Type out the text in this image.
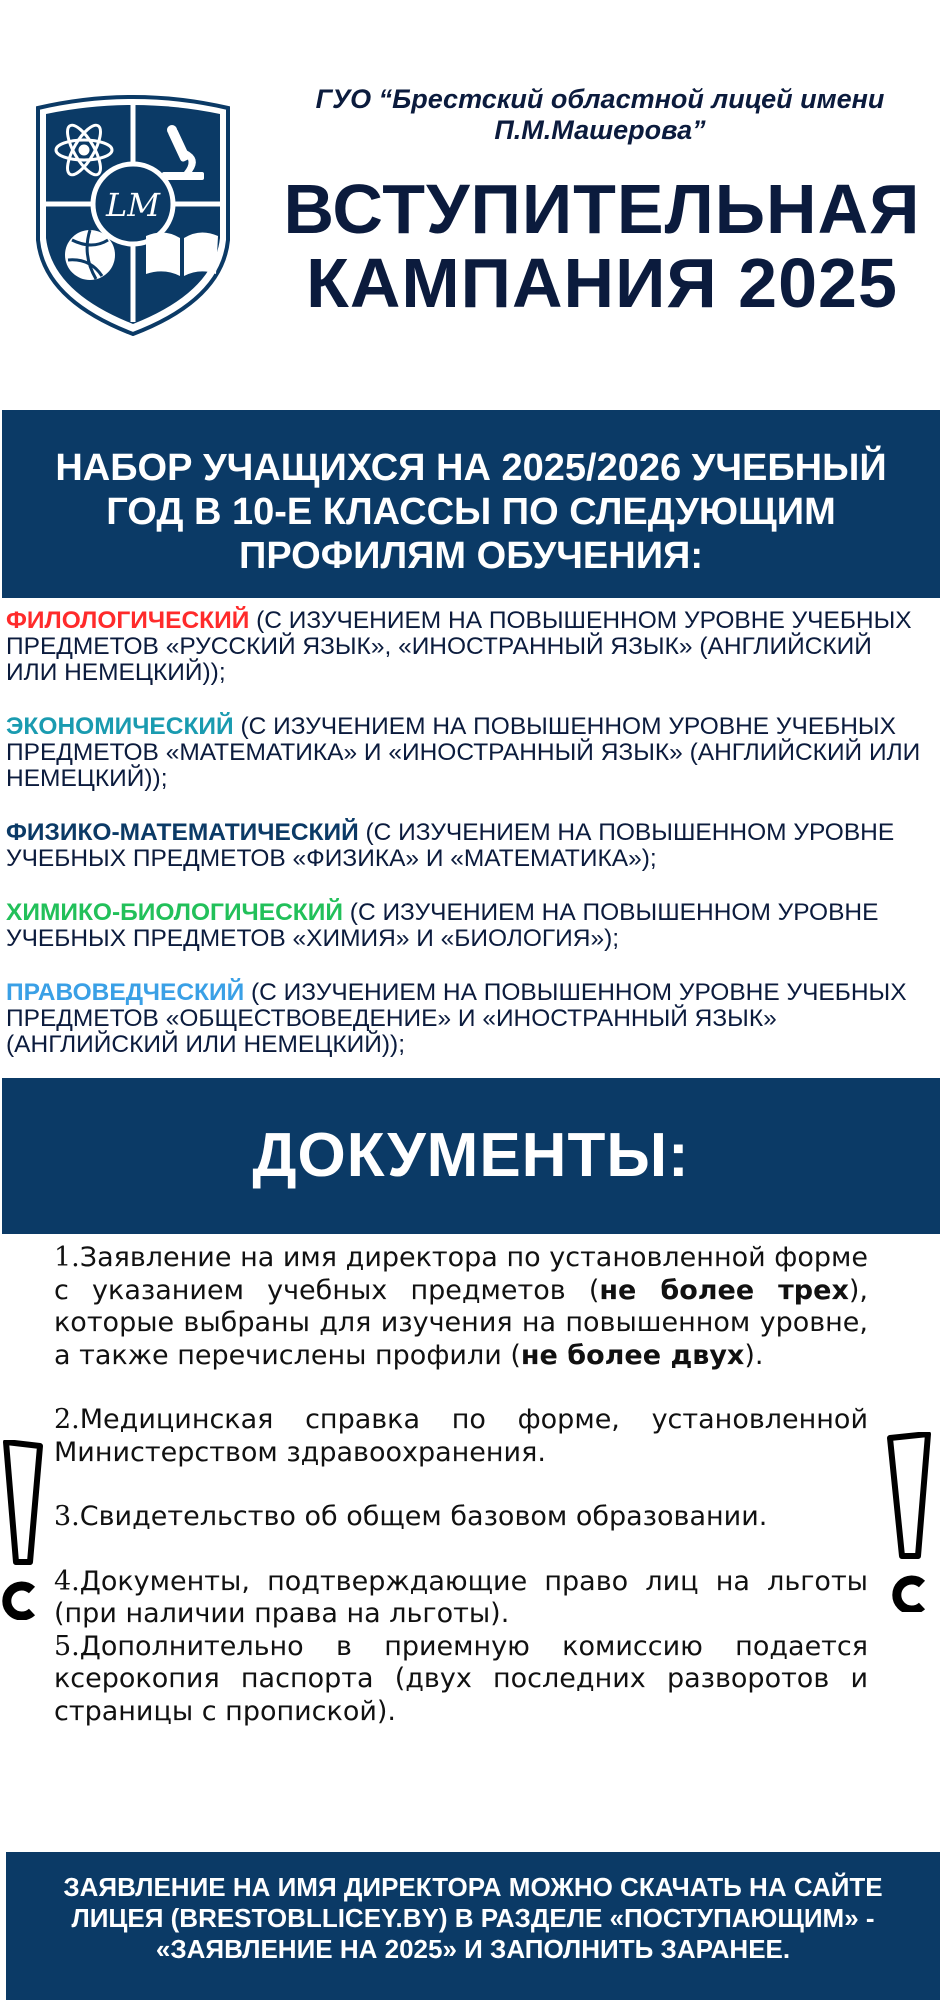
LM
ГУО “Брестский областной лицей имени П.М.Машерова”
ВСТУПИТЕЛЬНАЯ
КАМПАНИЯ 2025
НАБОР УЧАЩИХСЯ НА 2025/2026 УЧЕБНЫЙ ГОД В 10-Е КЛАССЫ ПО СЛЕДУЮЩИМ ПРОФИЛЯМ ОБУЧЕНИЯ:
ФИЛОЛОГИЧЕСКИЙ (С ИЗУЧЕНИЕМ НА ПОВЫШЕННОМ УРОВНЕ УЧЕБНЫХ ПРЕДМЕТОВ «РУССКИЙ ЯЗЫК», «ИНОСТРАННЫЙ ЯЗЫК» (АНГЛИЙСКИЙ ИЛИ НЕМЕЦКИЙ));
ЭКОНОМИЧЕСКИЙ (С ИЗУЧЕНИЕМ НА ПОВЫШЕННОМ УРОВНЕ УЧЕБНЫХ ПРЕДМЕТОВ «МАТЕМАТИКА» И «ИНОСТРАННЫЙ ЯЗЫК» (АНГЛИЙСКИЙ ИЛИ НЕМЕЦКИЙ));
ФИЗИКО-МАТЕМАТИЧЕСКИЙ (С ИЗУЧЕНИЕМ НА ПОВЫШЕННОМ УРОВНЕ УЧЕБНЫХ ПРЕДМЕТОВ «ФИЗИКА» И «МАТЕМАТИКА»);
ХИМИКО-БИОЛОГИЧЕСКИЙ (С ИЗУЧЕНИЕМ НА ПОВЫШЕННОМ УРОВНЕ УЧЕБНЫХ ПРЕДМЕТОВ «ХИМИЯ» И «БИОЛОГИЯ»);
ПРАВОВЕДЧЕСКИЙ (С ИЗУЧЕНИЕМ НА ПОВЫШЕННОМ УРОВНЕ УЧЕБНЫХ ПРЕДМЕТОВ «ОБЩЕСТВОВЕДЕНИЕ» И «ИНОСТРАННЫЙ ЯЗЫК» (АНГЛИЙСКИЙ ИЛИ НЕМЕЦКИЙ));
ДОКУМЕНТЫ:

1.Заявление на имя директора по установленной форме с указанием учебных предметов (не более трех), которые выбраны для изучения на повышенном уровне, а также перечислены профили (не более двух).

2.Медицинская справка по форме, установленной Министерством здравоохранения.

3.Свидетельство об общем базовом образовании.

4.Документы, подтверждающие право лиц на льготы (при наличии права на льготы).

5.Дополнительно в приемную комиссию подается ксерокопия паспорта (двух последних разворотов и страницы с пропиской).

ЗАЯВЛЕНИЕ НА ИМЯ ДИРЕКТОРА МОЖНО СКАЧАТЬ НА САЙТЕ ЛИЦЕЯ (BRESTOBLLICEY.BY) В РАЗДЕЛЕ «ПОСТУПАЮЩИМ» - «ЗАЯВЛЕНИЕ НА 2025» И ЗАПОЛНИТЬ ЗАРАНЕЕ.
